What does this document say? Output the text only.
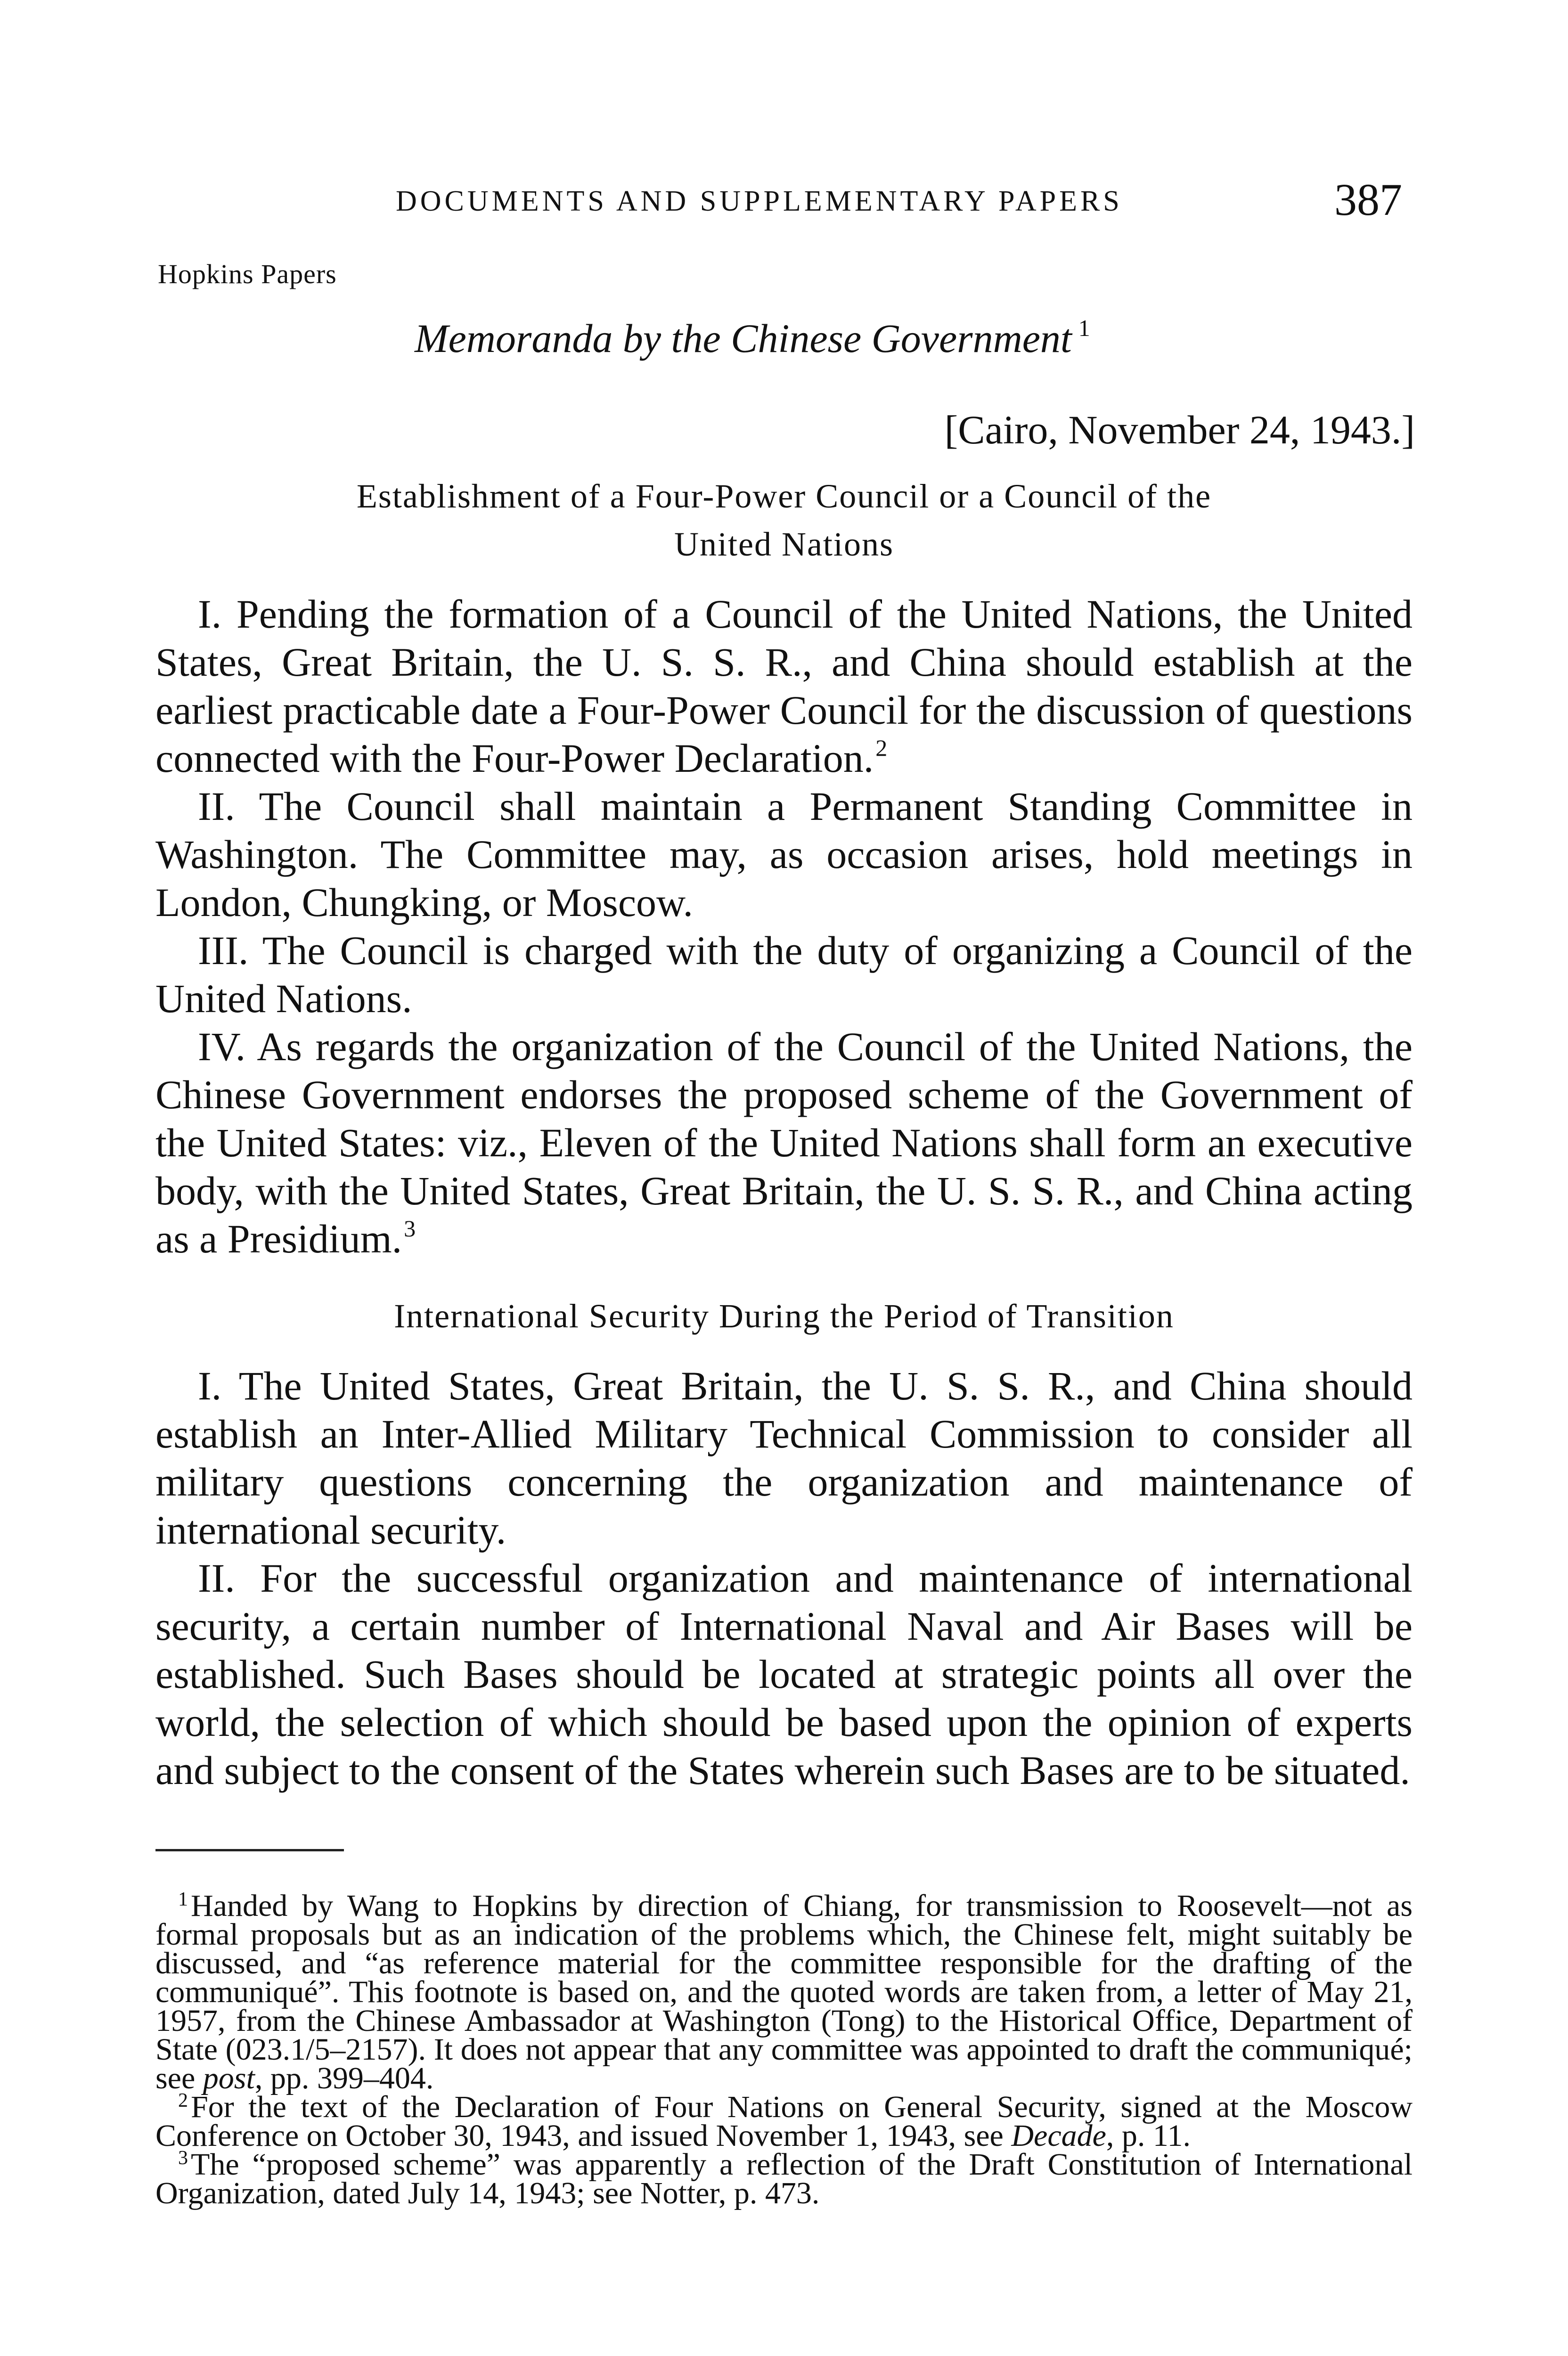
DOCUMENTS AND SUPPLEMENTARY PAPERS	387
Hopkins Papers
Memoranda by the Chinese Government $^1$
[Cairo, November 24, 1943.]
Establishment of a Four-Power Council or a Council of the
United Nations

I. Pending the formation of a Council of the United Nations, the United States, Great Britain, the U. S. S. R., and China should establish at the earliest practicable date a Four-Power Council for the discussion of questions connected with the Four-Power Declaration.$^2$

II. The Council shall maintain a Permanent Standing Committee in Washington. The Committee may, as occasion arises, hold meetings in London, Chungking, or Moscow.

III. The Council is charged with the duty of organizing a Council of the United Nations.

IV. As regards the organization of the Council of the United Nations, the Chinese Government endorses the proposed scheme of the Government of the United States: viz., Eleven of the United Nations shall form an executive body, with the United States, Great Britain, the U. S. S. R., and China acting as a Presidium.$^3$

International Security During the Period of Transition

I. The United States, Great Britain, the U. S. S. R., and China should establish an Inter-Allied Military Technical Commission to consider all military questions concerning the organization and maintenance of international security.

II. For the successful organization and maintenance of international security, a certain number of International Naval and Air Bases will be established. Such Bases should be located at strategic points all over the world, the selection of which should be based upon the opinion of experts and subject to the consent of the States wherein such Bases are to be situated.

$^1$Handed by Wang to Hopkins by direction of Chiang, for transmission to Roosevelt—not as formal proposals but as an indication of the problems which, the Chinese felt, might suitably be discussed, and “as reference material for the committee responsible for the drafting of the communiqué”. This footnote is based on, and the quoted words are taken from, a letter of May 21, 1957, from the Chinese Ambassador at Washington (Tong) to the Historical Office, Department of State (023.1/5–2157). It does not appear that any committee was appointed to draft the communiqué; see post, pp. 399–404.

$^2$For the text of the Declaration of Four Nations on General Security, signed at the Moscow Conference on October 30, 1943, and issued November 1, 1943, see Decade, p. 11.

$^3$The “proposed scheme” was apparently a reflection of the Draft Constitution of International Organization, dated July 14, 1943; see Notter, p. 473.
